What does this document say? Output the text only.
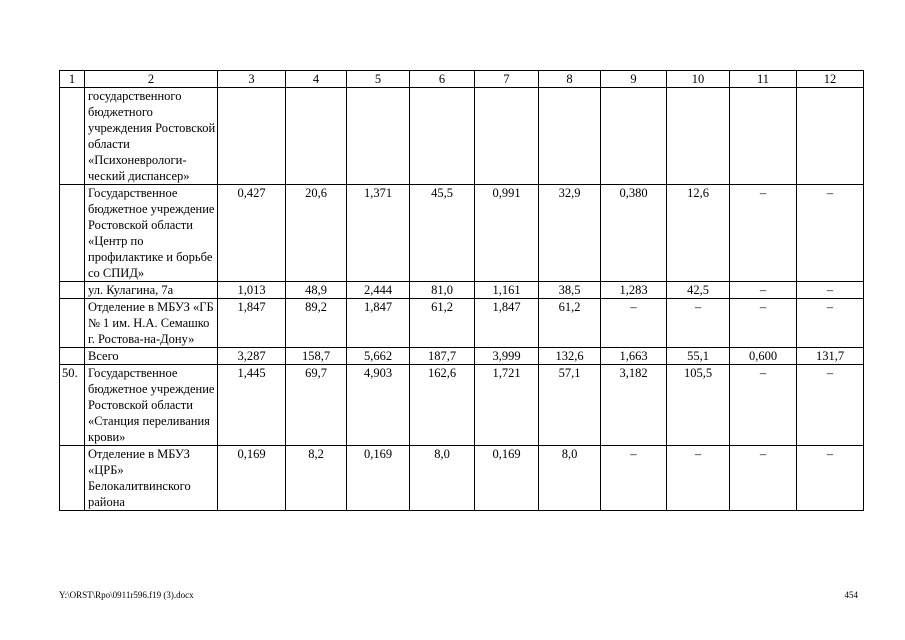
1	2	3	4	5	6	7	8	9	10	11	12
	государственного бюджетного учреждения Ростовской области «Психоневрологи-ческий диспансер»										
	Государственное бюджетное учреждение Ростовской области «Центр по профилактике и борьбе со СПИД»	0,427	20,6	1,371	45,5	0,991	32,9	0,380	12,6	–	–
	ул. Кулагина, 7а	1,013	48,9	2,444	81,0	1,161	38,5	1,283	42,5	–	–
	Отделение в МБУЗ «ГБ № 1 им. Н.А. Семашко г. Ростова-на-Дону»	1,847	89,2	1,847	61,2	1,847	61,2	–	–	–	–
	Всего	3,287	158,7	5,662	187,7	3,999	132,6	1,663	55,1	0,600	131,7
50.	Государственное бюджетное учреждение Ростовской области «Станция переливания крови»	1,445	69,7	4,903	162,6	1,721	57,1	3,182	105,5	–	–
	Отделение в МБУЗ «ЦРБ» Белокалитвинского района	0,169	8,2	0,169	8,0	0,169	8,0	–	–	–	–
Y:\ORST\Rpo\0911r596.f19 (3).docx	454
